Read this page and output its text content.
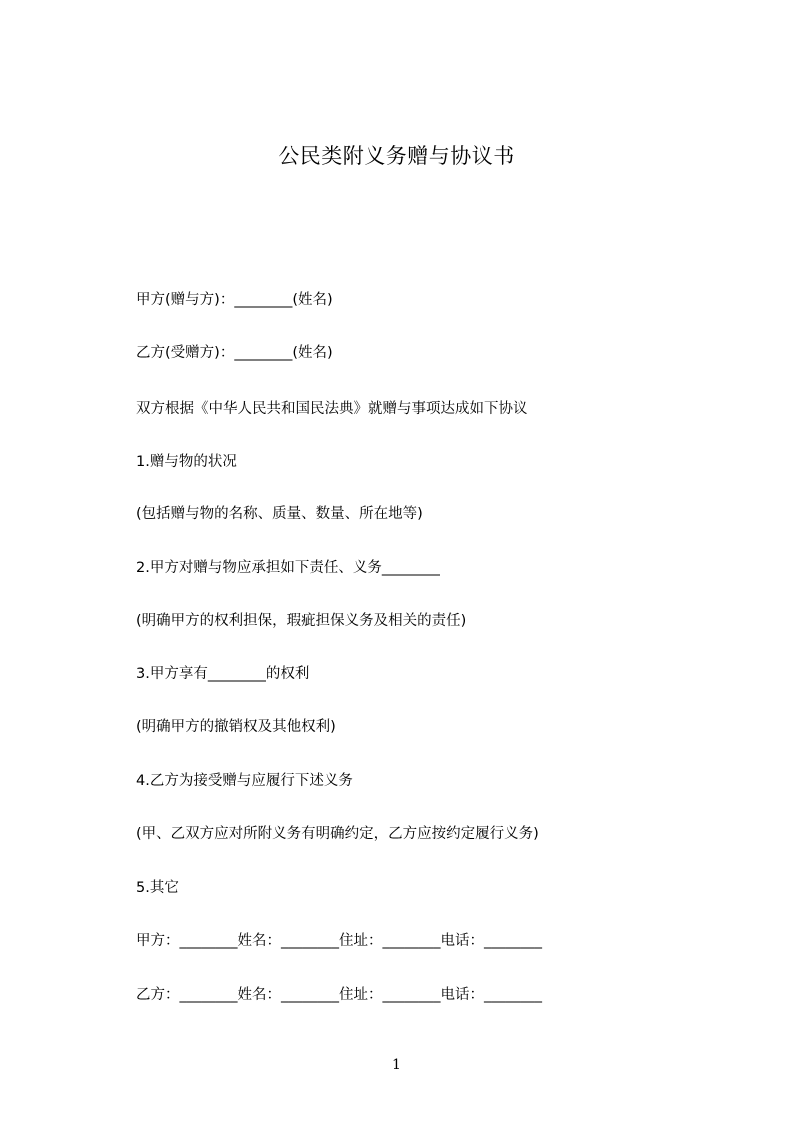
公民类附义务赠与协议书
甲方(赠与方)：________(姓名)
乙方(受赠方)：________(姓名)
双方根据《中华人民共和国民法典》就赠与事项达成如下协议
1.赠与物的状况
(包括赠与物的名称、质量、数量、所在地等)
2.甲方对赠与物应承担如下责任、义务________
(明确甲方的权利担保，瑕疵担保义务及相关的责任)
3.甲方享有________的权利
(明确甲方的撤销权及其他权利)
4.乙方为接受赠与应履行下述义务
(甲、乙双方应对所附义务有明确约定，乙方应按约定履行义务)
5.其它
甲方：________姓名：________住址：________电话：________
乙方：________姓名：________住址：________电话：________
1
